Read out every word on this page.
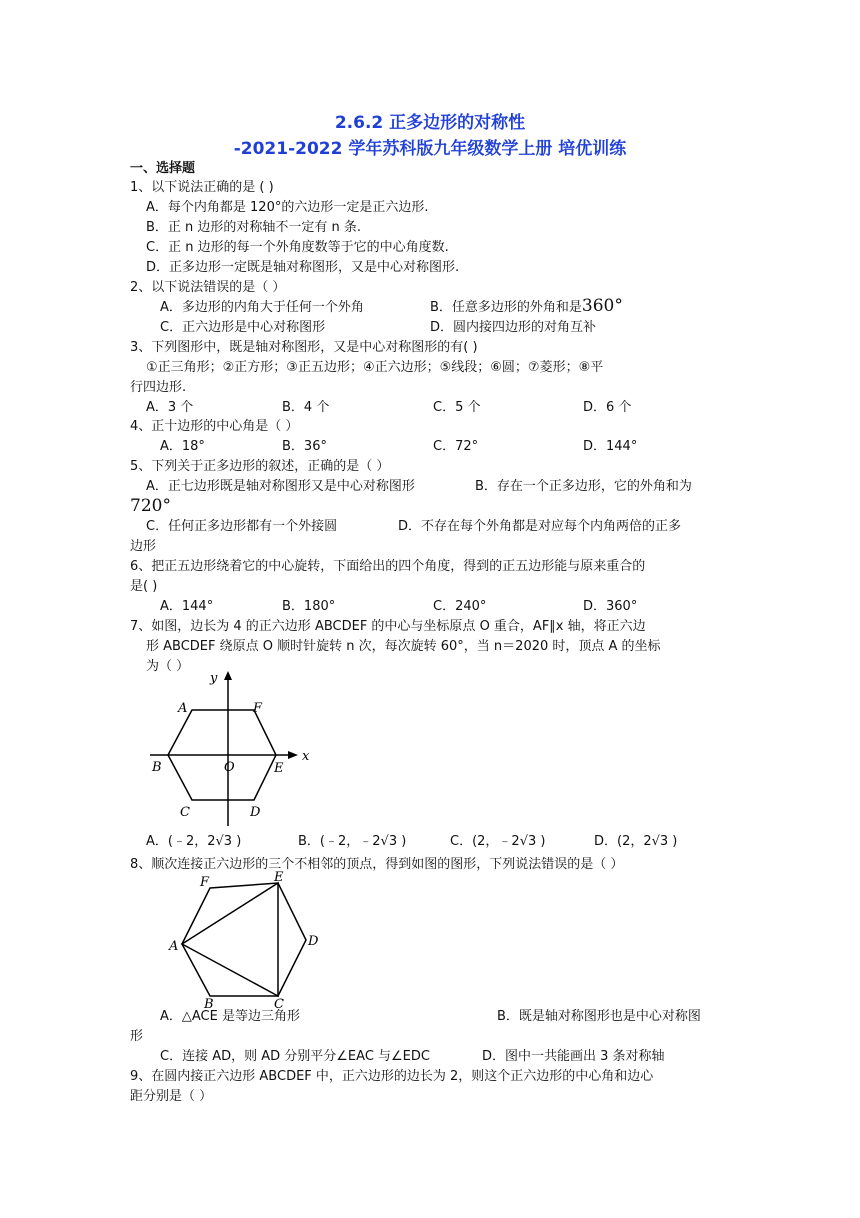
2.6.2 正多边形的对称性
-2021-2022 学年苏科版九年级数学上册 培优训练
一、选择题
1、以下说法正确的是 ( )
A．每个内角都是 120°的六边形一定是正六边形.
B．正 n 边形的对称轴不一定有 n 条.
C．正 n 边形的每一个外角度数等于它的中心角度数.
D．正多边形一定既是轴对称图形，又是中心对称图形.
2、以下说法错误的是（ ）
A．多边形的内角大于任何一个外角	B．任意多边形的外角和是360°
C．正六边形是中心对称图形	D．圆内接四边形的对角互补
3、下列图形中，既是轴对称图形，又是中心对称图形的有( )
①正三角形；②正方形；③正五边形；④正六边形；⑤线段；⑥圆；⑦菱形；⑧平
行四边形.
A．3 个	B．4 个	C．5 个	D．6 个
4、正十边形的中心角是（ ）
A．18°	B．36°	C．72°	D．144°
5、下列关于正多边形的叙述，正确的是（ ）
A．正七边形既是轴对称图形又是中心对称图形	B．存在一个正多边形，它的外角和为
720°
C．任何正多边形都有一个外接圆	D．不存在每个外角都是对应每个内角两倍的正多
边形
6、把正五边形绕着它的中心旋转，下面给出的四个角度，得到的正五边形能与原来重合的
是( )
A．144°	B．180°	C．240°	D．360°
7、如图，边长为 4 的正六边形 ABCDEF 的中心与坐标原点 O 重合，AF∥x 轴，将正六边
形 ABCDEF 绕原点 O 顺时针旋转 n 次，每次旋转 60°，当 n＝2020 时，顶点 A 的坐标
为（ ）
A	F
B	O	E
C	D
x
y
A．(﹣2，2√3 )	B．(﹣2，﹣2√3 )	C．(2，﹣2√3 )	D．(2，2√3 )
8、顺次连接正六边形的三个不相邻的顶点，得到如图的图形，下列说法错误的是（ ）
F	E
A	D
B	C
A．△ACE 是等边三角形	B．既是轴对称图形也是中心对称图
形
C．连接 AD，则 AD 分别平分∠EAC 与∠EDC	D．图中一共能画出 3 条对称轴
9、在圆内接正六边形 ABCDEF 中，正六边形的边长为 2，则这个正六边形的中心角和边心
距分别是（ ）
